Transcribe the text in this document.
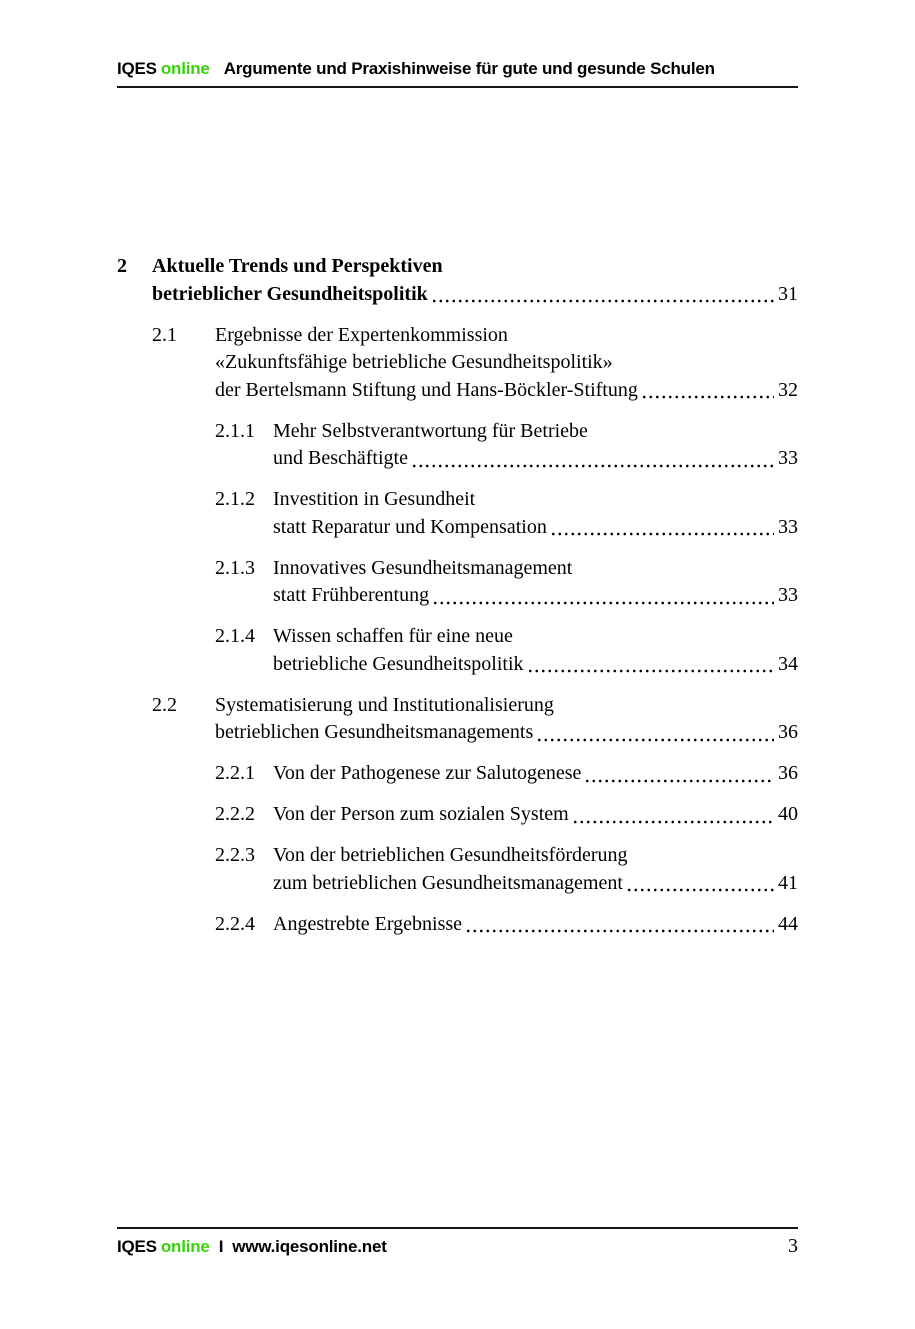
IQES online Argumente und Praxishinweise für gute und gesunde Schulen
2	Aktuelle Trends und Perspektiven
betrieblicher Gesundheitspolitik	31
2.1	Ergebnisse der Expertenkommission
«Zukunftsfähige betriebliche Gesundheitspolitik»
der Bertelsmann Stiftung und Hans-Böckler-Stiftung	32
2.1.1 Mehr Selbstverantwortung für Betriebe
und Beschäftigte	33
2.1.2 Investition in Gesundheit
statt Reparatur und Kompensation	33
2.1.3 Innovatives Gesundheitsmanagement
statt Frühberentung	33
2.1.4 Wissen schaffen für eine neue
betriebliche Gesundheitspolitik	34
2.2	Systematisierung und Institutionalisierung
betrieblichen Gesundheitsmanagements	36
2.2.1 Von der Pathogenese zur Salutogenese	36
2.2.2 Von der Person zum sozialen System	40
2.2.3 Von der betrieblichen Gesundheitsförderung
zum betrieblichen Gesundheitsmanagement	41
2.2.4 Angestrebte Ergebnisse	44
IQES online I www.iqesonline.net	3
